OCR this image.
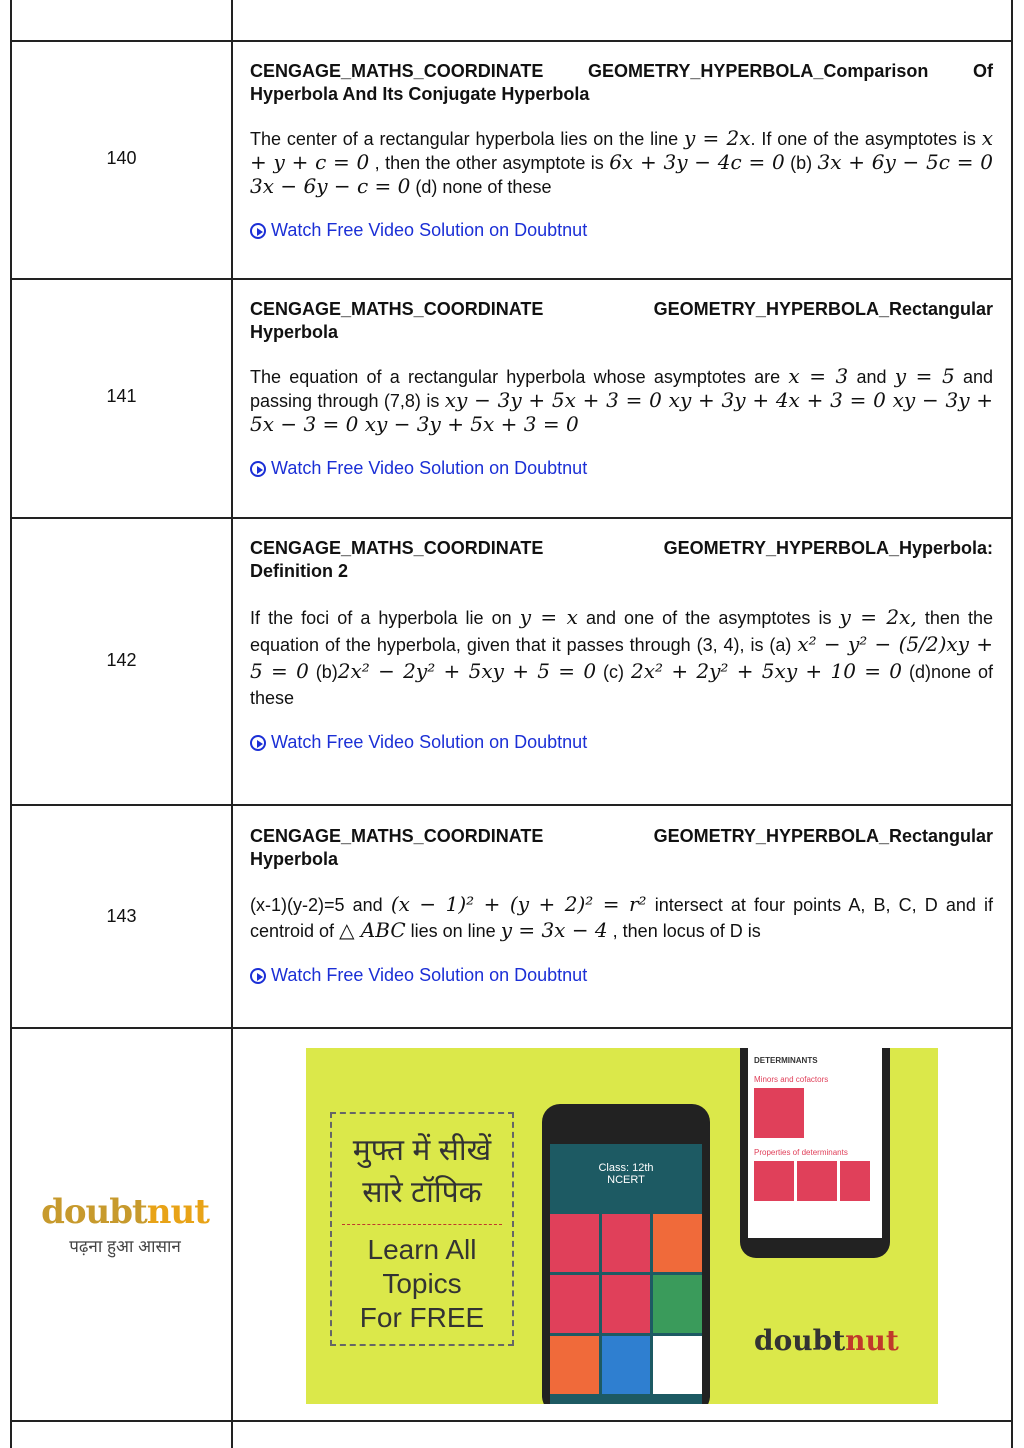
140
CENGAGE_MATHS_COORDINATE GEOMETRY_HYPERBOLA_Comparison Of
Hyperbola And Its Conjugate Hyperbola
The center of a rectangular hyperbola lies on the line y = 2x. If one of the asymptotes is x + y + c = 0 , then the other asymptote is 6x + 3y − 4c = 0 (b) 3x + 6y − 5c = 0 3x − 6y − c = 0 (d) none of these
Watch Free Video Solution on Doubtnut
141
CENGAGE_MATHS_COORDINATE GEOMETRY_HYPERBOLA_Rectangular
Hyperbola
The equation of a rectangular hyperbola whose asymptotes are x = 3 and y = 5 and passing through (7,8) is xy − 3y + 5x + 3 = 0 xy + 3y + 4x + 3 = 0 xy − 3y + 5x − 3 = 0 xy − 3y + 5x + 3 = 0
Watch Free Video Solution on Doubtnut
142
CENGAGE_MATHS_COORDINATE GEOMETRY_HYPERBOLA_Hyperbola:
Definition 2
If the foci of a hyperbola lie on y = x and one of the asymptotes is y = 2x, then the equation of the hyperbola, given that it passes through (3, 4), is (a) x² − y² − (5/2)xy + 5 = 0 (b)2x² − 2y² + 5xy + 5 = 0 (c) 2x² + 2y² + 5xy + 10 = 0 (d)none of these
Watch Free Video Solution on Doubtnut
143
CENGAGE_MATHS_COORDINATE GEOMETRY_HYPERBOLA_Rectangular
Hyperbola
(x-1)(y-2)=5 and (x − 1)² + (y + 2)² = r² intersect at four points A, B, C, D and if centroid of △ ABC lies on line y = 3x − 4 , then locus of D is
Watch Free Video Solution on Doubtnut
doubtnut
पढ़ना हुआ आसान
मुफ्त में सीखें
सारे टॉपिक
Learn All
Topics
For FREE
Class: 12th
NCERT
DETERMINANTS
Minors and cofactors
Properties of determinants
doubtnut
